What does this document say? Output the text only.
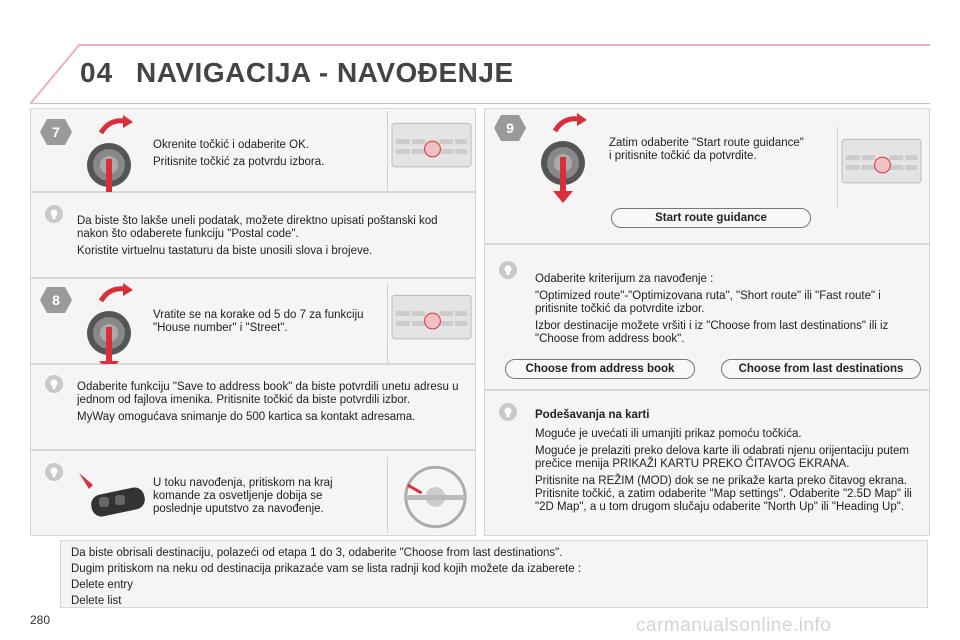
04 NAVIGACIJA - NAVOĐENJE
7

Okrenite točkić i odaberite OK.

Pritisnite točkić za potvrdu izbora.

Da biste što lakše uneli podatak, možete direktno upisati poštanski kod nakon što odaberete funkciju "Postal code".

Koristite virtuelnu tastaturu da biste unosili slova i brojeve.

8
Vratite se na korake od 5 do 7 za funkciju "House number" i "Street".

Odaberite funkciju "Save to address book" da biste potvrdili unetu adresu u jednom od fajlova imenika. Pritisnite točkić da biste potvrdili izbor.

MyWay omogućava snimanje do 500 kartica sa kontakt adresama.

U toku navođenja, pritiskom na kraj komande za osvetljenje dobija se poslednje uputstvo za navođenje.
9
Zatim odaberite "Start route guidance" i pritisnite točkić da potvrdite.
Start route guidance

Odaberite kriterijum za navođenje :

"Optimized route"-"Optimizovana ruta", "Short route" ili "Fast route" i pritisnite točkić da potvrdite izbor.

Izbor destinacije možete vršiti i iz "Choose from last destinations" ili iz "Choose from address book".

Choose from address book	Choose from last destinations

Podešavanja na karti

Moguće je uvećati ili umanjiti prikaz pomoću točkića.

Moguće je prelaziti preko delova karte ili odabrati njenu orijentaciju putem prečice menija PRIKAŽI KARTU PREKO ČITAVOG EKRANA.

Pritisnite na REŽIM (MOD) dok se ne prikaže karta preko čitavog ekrana. Pritisnite točkić, a zatim odaberite "Map settings". Odaberite "2.5D Map" ili "2D Map", a u tom drugom slučaju odaberite "North Up" ili "Heading Up".

Da biste obrisali destinaciju, polazeći od etapa 1 do 3, odaberite "Choose from last destinations".

Dugim pritiskom na neku od destinacija prikazaće vam se lista radnji kod kojih možete da izaberete :

Delete entry

Delete list

280	carmanualsonline.info
